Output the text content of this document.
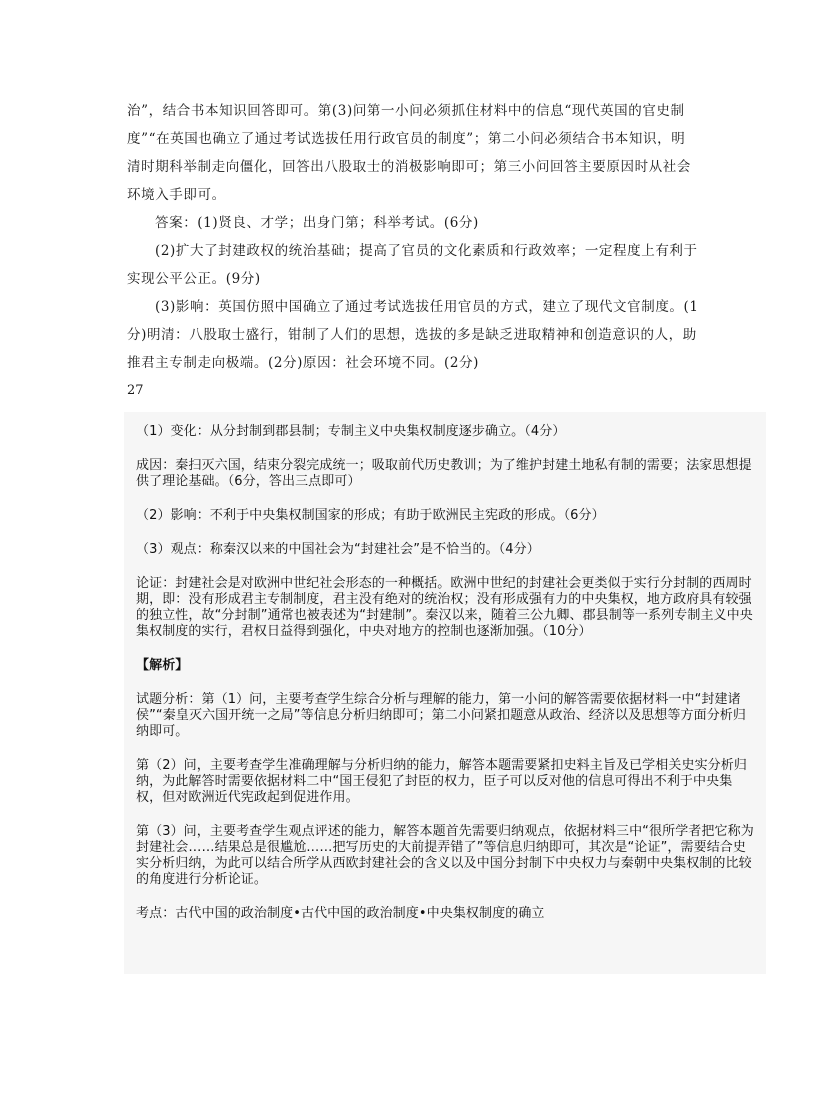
治”，结合书本知识回答即可。第(3)问第一小问必须抓住材料中的信息“现代英国的官史制度”“在英国也确立了通过考试选拔任用行政官员的制度”；第二小问必须结合书本知识，明清时期科举制走向僵化，回答出八股取士的消极影响即可；第三小问回答主要原因时从社会环境入手即可。

答案：(1)贤良、才学；出身门第；科举考试。(6分)

(2)扩大了封建政权的统治基础；提高了官员的文化素质和行政效率；一定程度上有利于实现公平公正。(9分)

(3)影响：英国仿照中国确立了通过考试选拔任用官员的方式，建立了现代文官制度。(1分)明清：八股取士盛行，钳制了人们的思想，选拔的多是缺乏进取精神和创造意识的人，助推君主专制走向极端。(2分)原因：社会环境不同。(2分)

27

（1）变化：从分封制到郡县制；专制主义中央集权制度逐步确立。（4分）

成因：秦扫灭六国，结束分裂完成统一；吸取前代历史教训；为了维护封建土地私有制的需要；法家思想提供了理论基础。（6分，答出三点即可）

（2）影响：不利于中央集权制国家的形成；有助于欧洲民主宪政的形成。（6分）

（3）观点：称秦汉以来的中国社会为“封建社会”是不恰当的。（4分）

论证：封建社会是对欧洲中世纪社会形态的一种概括。欧洲中世纪的封建社会更类似于实行分封制的西周时期，即：没有形成君主专制制度，君主没有绝对的统治权；没有形成强有力的中央集权，地方政府具有较强的独立性，故“分封制”通常也被表述为“封建制”。秦汉以来，随着三公九卿、郡县制等一系列专制主义中央集权制度的实行，君权日益得到强化，中央对地方的控制也逐渐加强。（10分）

【解析】

试题分析：第（1）问，主要考查学生综合分析与理解的能力，第一小问的解答需要依据材料一中“封建诸侯”“秦皇灭六国开统一之局”等信息分析归纳即可；第二小问紧扣题意从政治、经济以及思想等方面分析归纳即可。

第（2）问，主要考查学生准确理解与分析归纳的能力，解答本题需要紧扣史料主旨及已学相关史实分析归纳，为此解答时需要依据材料二中“国王侵犯了封臣的权力，臣子可以反对他的信息可得出不利于中央集权，但对欧洲近代宪政起到促进作用。

第（3）问，主要考查学生观点评述的能力，解答本题首先需要归纳观点，依据材料三中“很所学者把它称为封建社会……结果总是很尴尬……把写历史的大前提弄错了”等信息归纳即可，其次是“论证”，需要结合史实分析归纳，为此可以结合所学从西欧封建社会的含义以及中国分封制下中央权力与秦朝中央集权制的比较的角度进行分析论证。

考点：古代中国的政治制度•古代中国的政治制度•中央集权制度的确立
